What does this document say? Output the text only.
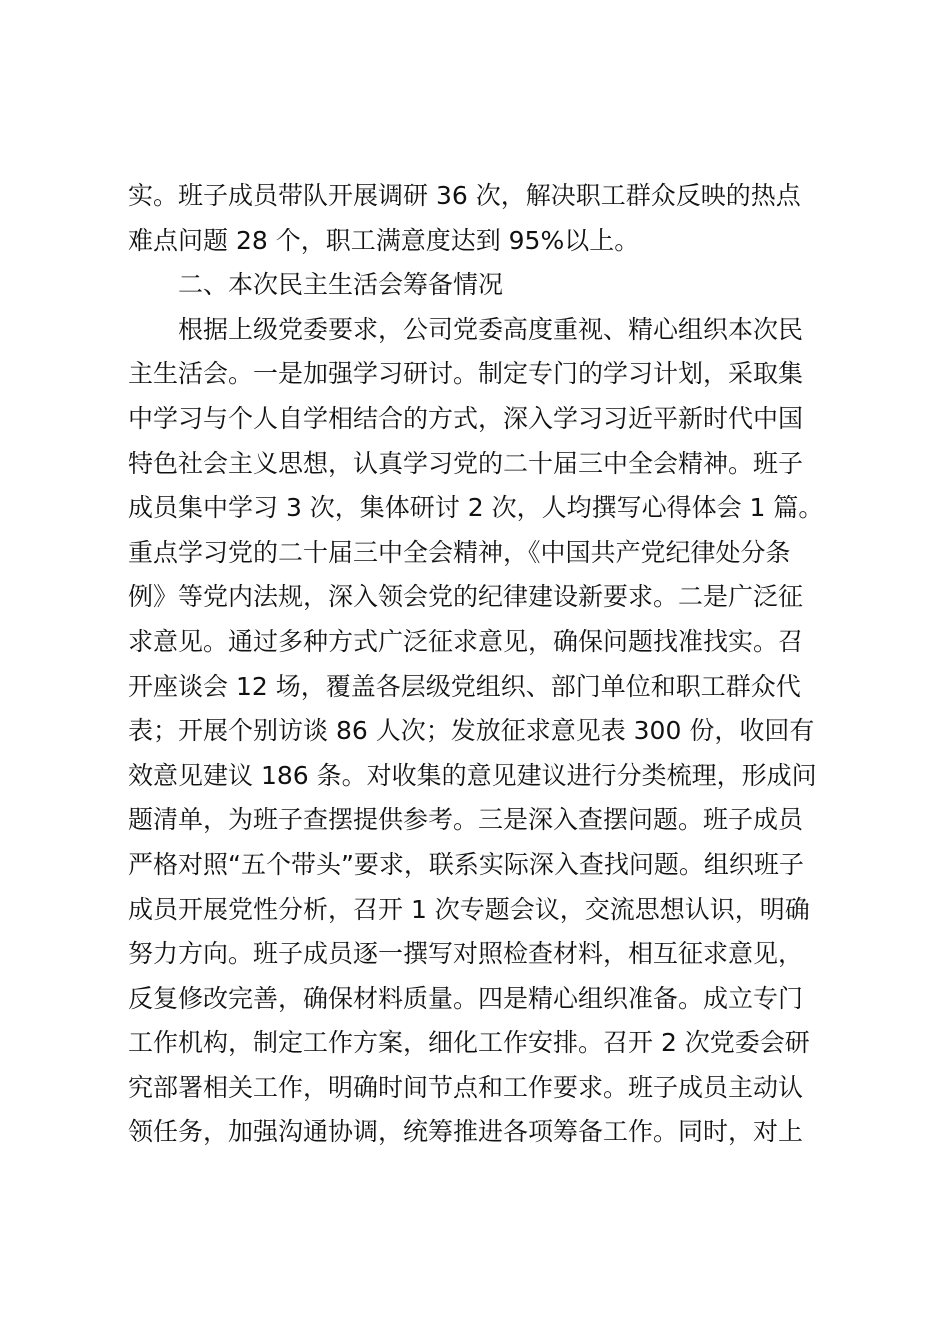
实。班子成员带队开展调研 36 次，解决职工群众反映的热点
难点问题 28 个，职工满意度达到 95%以上。
二、本次民主生活会筹备情况
根据上级党委要求，公司党委高度重视、精心组织本次民
主生活会。一是加强学习研讨。制定专门的学习计划，采取集
中学习与个人自学相结合的方式，深入学习习近平新时代中国
特色社会主义思想，认真学习党的二十届三中全会精神。班子
成员集中学习 3 次，集体研讨 2 次，人均撰写心得体会 1 篇。
重点学习党的二十届三中全会精神，《中国共产党纪律处分条
例》等党内法规，深入领会党的纪律建设新要求。二是广泛征
求意见。通过多种方式广泛征求意见，确保问题找准找实。召
开座谈会 12 场，覆盖各层级党组织、部门单位和职工群众代
表；开展个别访谈 86 人次；发放征求意见表 300 份，收回有
效意见建议 186 条。对收集的意见建议进行分类梳理，形成问
题清单，为班子查摆提供参考。三是深入查摆问题。班子成员
严格对照“五个带头”要求，联系实际深入查找问题。组织班子
成员开展党性分析，召开 1 次专题会议，交流思想认识，明确
努力方向。班子成员逐一撰写对照检查材料，相互征求意见，
反复修改完善，确保材料质量。四是精心组织准备。成立专门
工作机构，制定工作方案，细化工作安排。召开 2 次党委会研
究部署相关工作，明确时间节点和工作要求。班子成员主动认
领任务，加强沟通协调，统筹推进各项筹备工作。同时，对上
